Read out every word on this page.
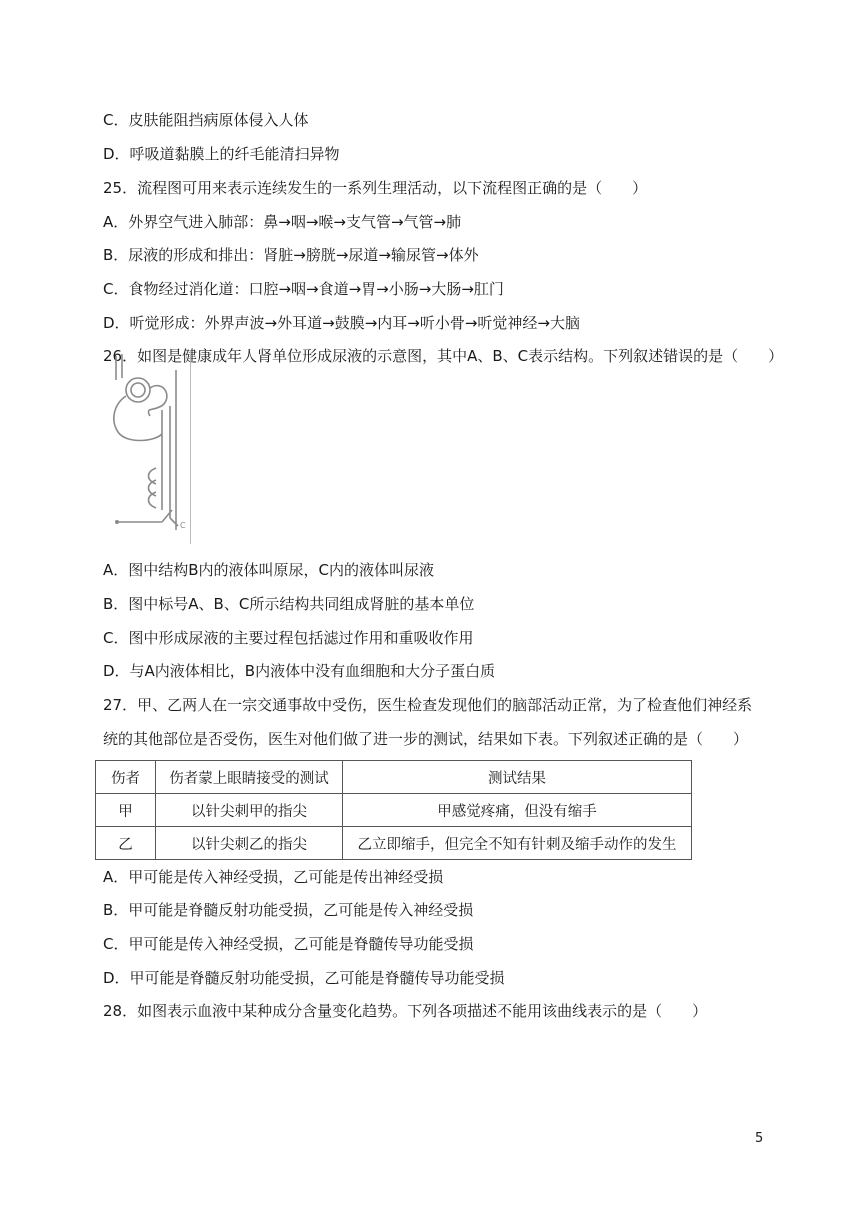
C．皮肤能阻挡病原体侵入人体
D．呼吸道黏膜上的纤毛能清扫异物
25．流程图可用来表示连续发生的一系列生理活动，以下流程图正确的是（　　）
A．外界空气进入肺部：鼻→咽→喉→支气管→气管→肺
B．尿液的形成和排出：肾脏→膀胱→尿道→输尿管→体外
C．食物经过消化道：口腔→咽→食道→胃→小肠→大肠→肛门
D．听觉形成：外界声波→外耳道→鼓膜→内耳→听小骨→听觉神经→大脑
26．如图是健康成年人肾单位形成尿液的示意图，其中A、B、C表示结构。下列叙述错误的是（　　）
C
A．图中结构B内的液体叫原尿，C内的液体叫尿液
B．图中标号A、B、C所示结构共同组成肾脏的基本单位
C．图中形成尿液的主要过程包括滤过作用和重吸收作用
D．与A内液体相比，B内液体中没有血细胞和大分子蛋白质
27．甲、乙两人在一宗交通事故中受伤，医生检查发现他们的脑部活动正常，为了检查他们神经系
统的其他部位是否受伤，医生对他们做了进一步的测试，结果如下表。下列叙述正确的是（　　）
伤者	伤者蒙上眼睛接受的测试	测试结果
甲	以针尖刺甲的指尖	甲感觉疼痛，但没有缩手
乙	以针尖刺乙的指尖	乙立即缩手，但完全不知有针刺及缩手动作的发生
A．甲可能是传入神经受损，乙可能是传出神经受损
B．甲可能是脊髓反射功能受损，乙可能是传入神经受损
C．甲可能是传入神经受损，乙可能是脊髓传导功能受损
D．甲可能是脊髓反射功能受损，乙可能是脊髓传导功能受损
28．如图表示血液中某种成分含量变化趋势。下列各项描述不能用该曲线表示的是（　　）
5
